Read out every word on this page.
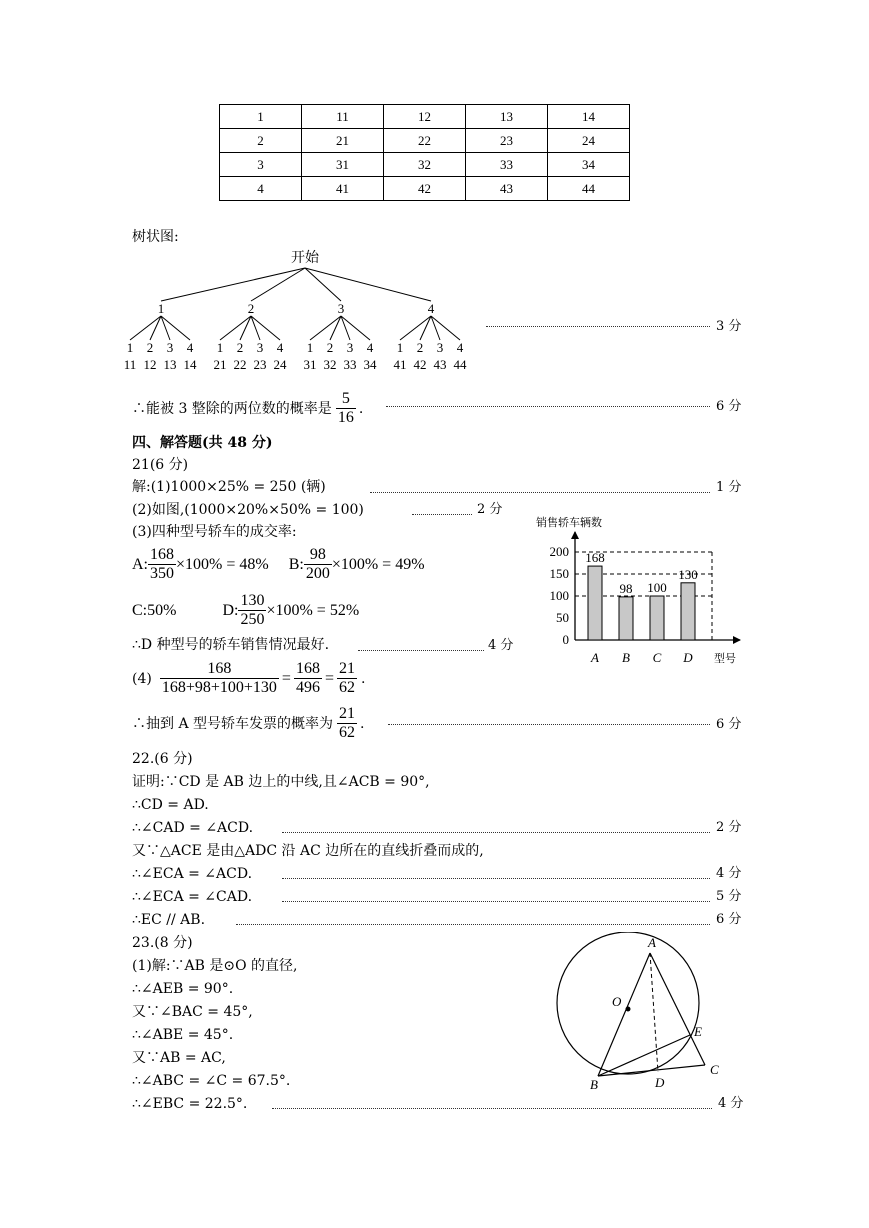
1	11	12	13	14
2	21	22	23	24
3	31	32	33	34
4	41	42	43	44
树状图:
开始
1
1
11
2
12
3
13
4
14
2
1
21
2
22
3
23
4
24
3
1
31
2
32
3
33
4
34
4
1
41
2
42
3
43
4
44
3 分
∴能被 3 整除的两位数的概率是 $\frac{5}{16}$ .	6 分
四、解答题(共 48 分)
21(6 分)
解:(1)1000×25% = 250 (辆)	1 分
(2)如图,(1000×20%×50% = 100)	2 分
(3)四种型号轿车的成交率:
A: $\frac{168}{350} \times 100\% = 48\%$ B: $\frac{98}{200} \times 100\% = 49\%$
C:50%	D: $\frac{130}{250} \times 100\% = 52\%$
∴D 种型号的轿车销售情况最好.	4 分
$(4) \frac{168}{168+98+100+130} = \frac{168}{496} = \frac{21}{62}$ .
∴抽到 A 型号轿车发票的概率为 $\frac{21}{62}$ .	6 分
销售轿车辆数
0
50
100
150
200 168
A
98
B
100
C
130
D 型号
22.(6 分)
证明:∵CD 是 AB 边上的中线,且∠ACB = 90°,
∴CD = AD.
∴∠CAD = ∠ACD.	2 分
又∵△ACE 是由△ADC 沿 AC 边所在的直线折叠而成的,
∴∠ECA = ∠ACD.	4 分
∴∠ECA = ∠CAD.	5 分
∴EC // AB.	6 分
23.(8 分)
(1)解:∵AB 是⊙O 的直径,
∴∠AEB = 90°.
又∵∠BAC = 45°,
∴∠ABE = 45°.
又∵AB = AC,
∴∠ABC = ∠C = 67.5°.
∴∠EBC = 22.5°.	4 分
A
O
E
C
B	D
